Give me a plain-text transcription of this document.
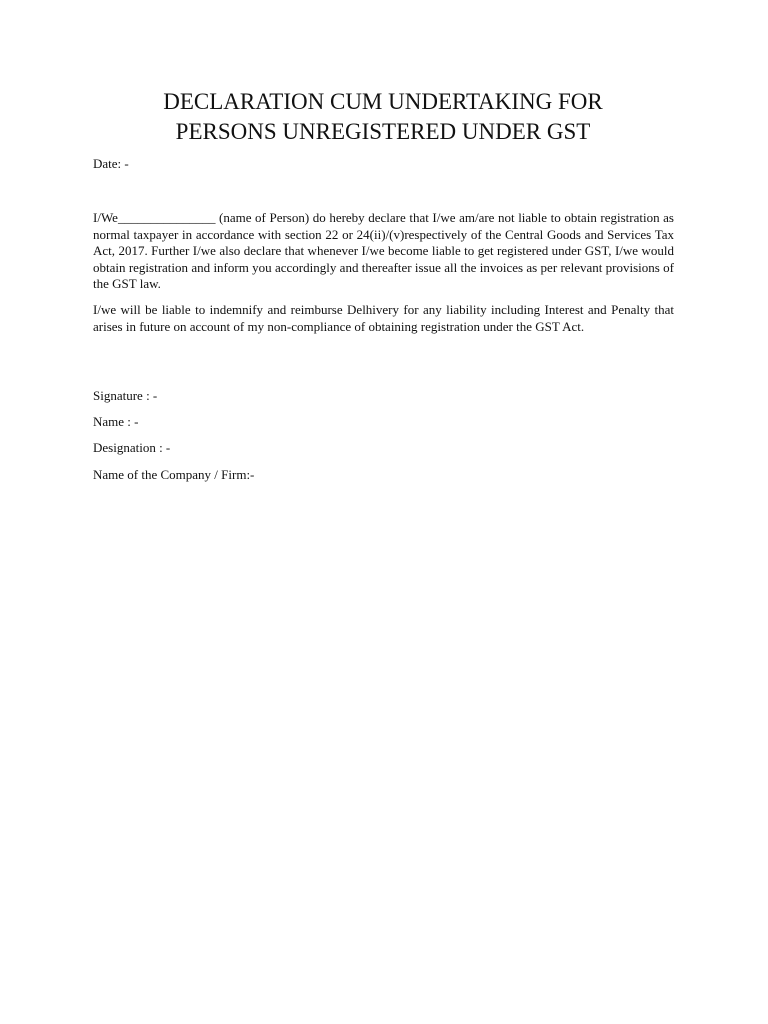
DECLARATION CUM UNDERTAKING FOR
PERSONS UNREGISTERED UNDER GST
Date: -

I/We_______________ (name of Person) do hereby declare that I/we am/are not liable to obtain registration as normal taxpayer in accordance with section 22 or 24(ii)/(v)respectively of the Central Goods and Services Tax Act, 2017. Further I/we also declare that whenever I/we become liable to get registered under GST, I/we would obtain registration and inform you accordingly and thereafter issue all the invoices as per relevant provisions of the GST law.

I/we will be liable to indemnify and reimburse Delhivery for any liability including Interest and Penalty that arises in future on account of my non-compliance of obtaining registration under the GST Act.

Signature : -
Name : -
Designation : -
Name of the Company / Firm:-
